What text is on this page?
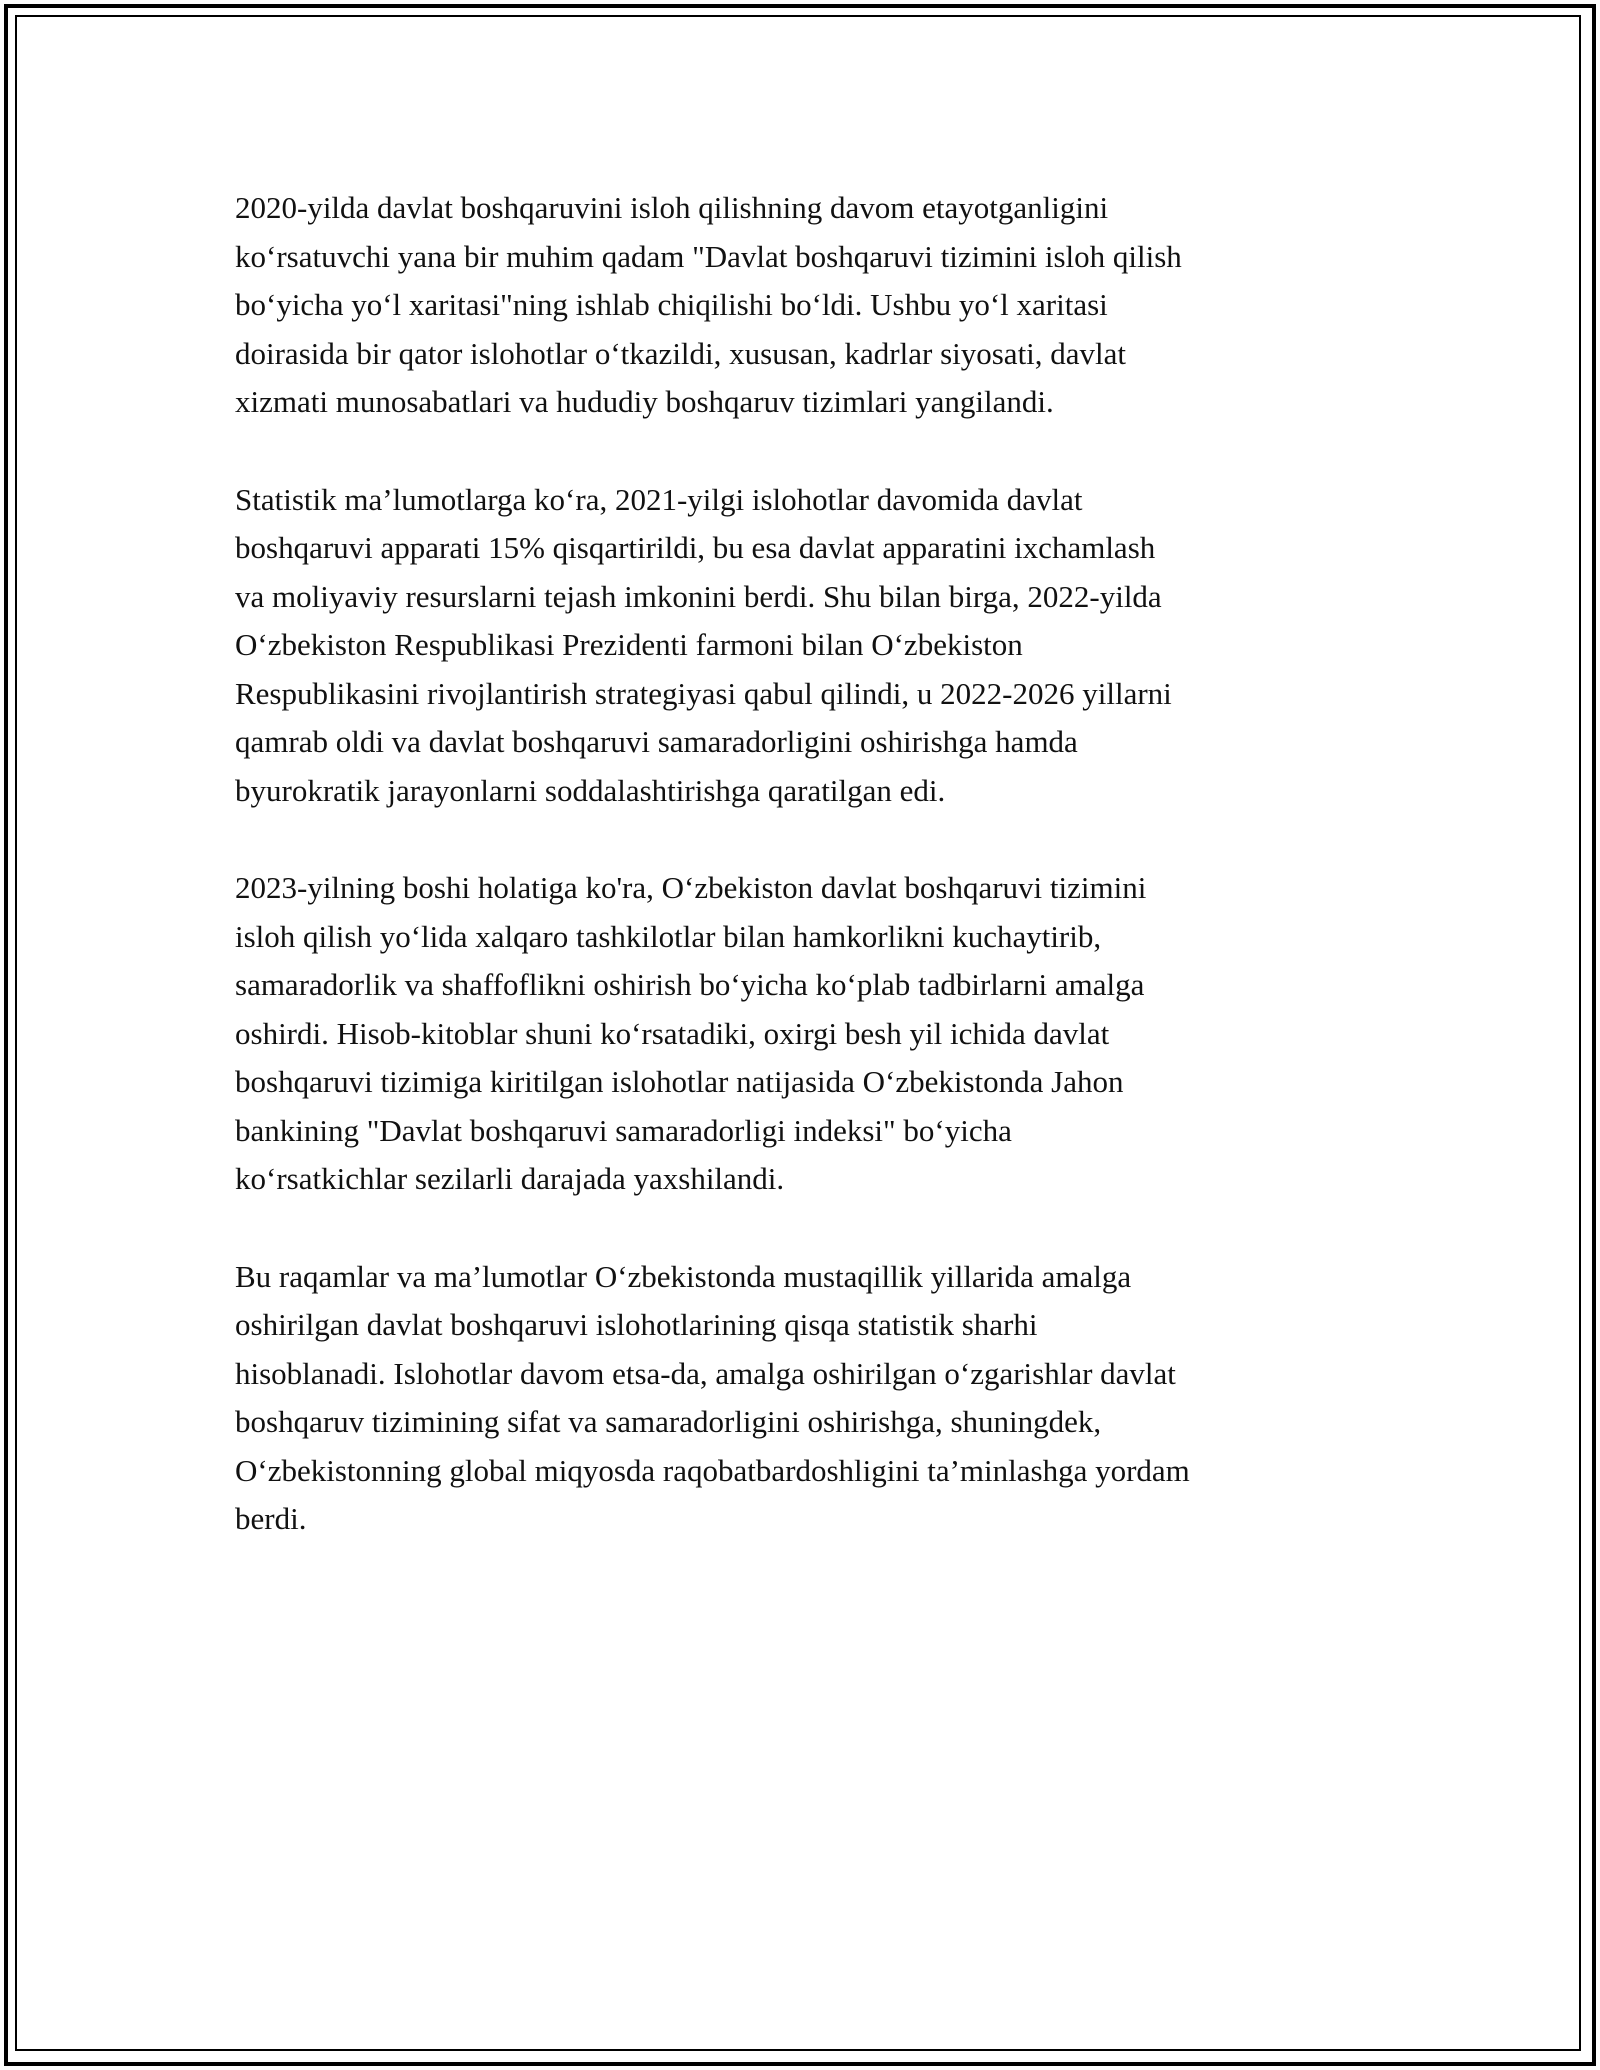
2020-yilda davlat boshqaruvini isloh qilishning davom etayotganligini
ko‘rsatuvchi yana bir muhim qadam "Davlat boshqaruvi tizimini isloh qilish
bo‘yicha yo‘l xaritasi"ning ishlab chiqilishi bo‘ldi. Ushbu yo‘l xaritasi
doirasida bir qator islohotlar o‘tkazildi, xususan, kadrlar siyosati, davlat
xizmati munosabatlari va hududiy boshqaruv tizimlari yangilandi.

Statistik ma’lumotlarga ko‘ra, 2021-yilgi islohotlar davomida davlat
boshqaruvi apparati 15% qisqartirildi, bu esa davlat apparatini ixchamlash
va moliyaviy resurslarni tejash imkonini berdi. Shu bilan birga, 2022-yilda
O‘zbekiston Respublikasi Prezidenti farmoni bilan O‘zbekiston
Respublikasini rivojlantirish strategiyasi qabul qilindi, u 2022-2026 yillarni
qamrab oldi va davlat boshqaruvi samaradorligini oshirishga hamda
byurokratik jarayonlarni soddalashtirishga qaratilgan edi.

2023-yilning boshi holatiga ko'ra, O‘zbekiston davlat boshqaruvi tizimini
isloh qilish yo‘lida xalqaro tashkilotlar bilan hamkorlikni kuchaytirib,
samaradorlik va shaffoflikni oshirish bo‘yicha ko‘plab tadbirlarni amalga
oshirdi. Hisob-kitoblar shuni ko‘rsatadiki, oxirgi besh yil ichida davlat
boshqaruvi tizimiga kiritilgan islohotlar natijasida O‘zbekistonda Jahon
bankining "Davlat boshqaruvi samaradorligi indeksi" bo‘yicha
ko‘rsatkichlar sezilarli darajada yaxshilandi.

Bu raqamlar va ma’lumotlar O‘zbekistonda mustaqillik yillarida amalga
oshirilgan davlat boshqaruvi islohotlarining qisqa statistik sharhi
hisoblanadi. Islohotlar davom etsa-da, amalga oshirilgan o‘zgarishlar davlat
boshqaruv tizimining sifat va samaradorligini oshirishga, shuningdek,
O‘zbekistonning global miqyosda raqobatbardoshligini ta’minlashga yordam
berdi.
